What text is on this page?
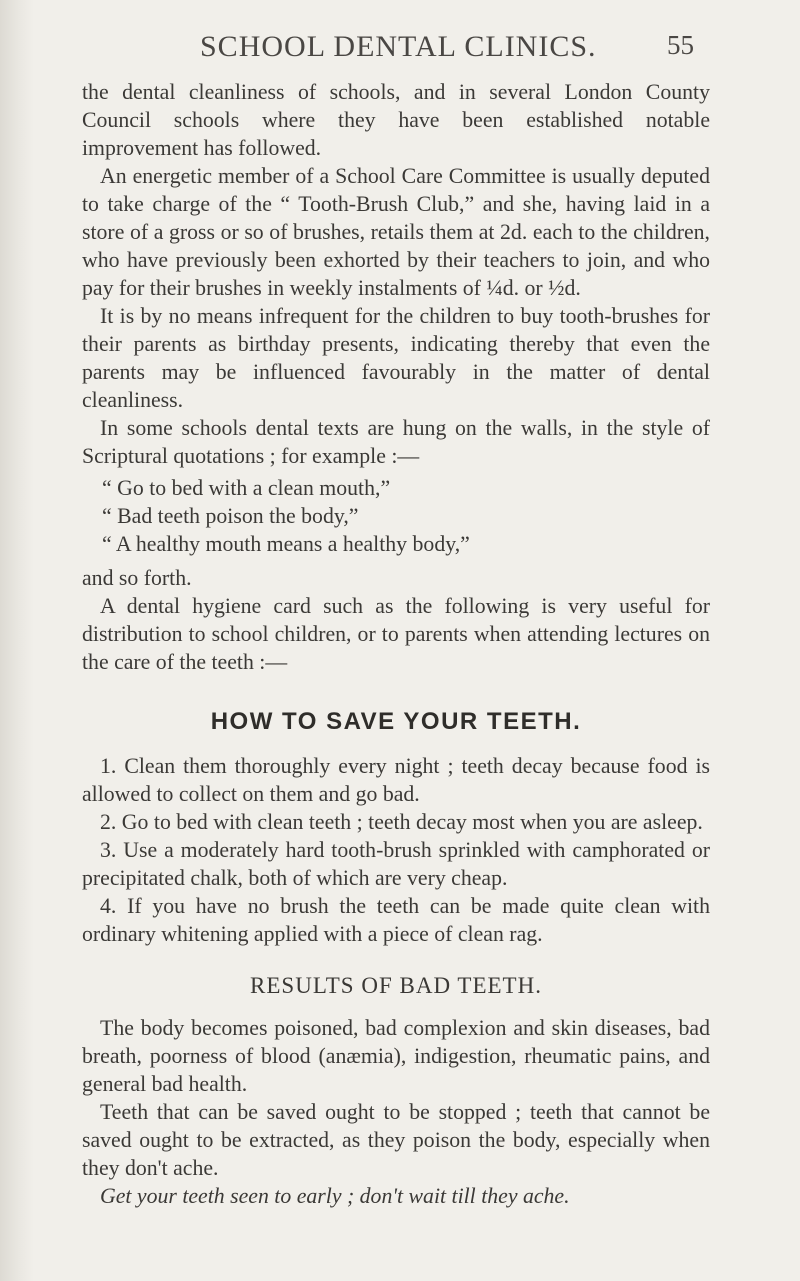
SCHOOL DENTAL CLINICS.	55

the dental cleanliness of schools, and in several London County Council schools where they have been established notable improvement has followed.

An energetic member of a School Care Committee is usually deputed to take charge of the “ Tooth-Brush Club,” and she, having laid in a store of a gross or so of brushes, retails them at 2d. each to the children, who have previously been exhorted by their teachers to join, and who pay for their brushes in weekly instalments of ¼d. or ½d.

It is by no means infrequent for the children to buy tooth-brushes for their parents as birthday presents, indicating thereby that even the parents may be influenced favourably in the matter of dental cleanliness.

In some schools dental texts are hung on the walls, in the style of Scriptural quotations ; for example :—

“ Go to bed with a clean mouth,”
“ Bad teeth poison the body,”
“ A healthy mouth means a healthy body,”

and so forth.

A dental hygiene card such as the following is very useful for distribution to school children, or to parents when attending lectures on the care of the teeth :—

HOW TO SAVE YOUR TEETH.

1. Clean them thoroughly every night ; teeth decay because food is allowed to collect on them and go bad.

2. Go to bed with clean teeth ; teeth decay most when you are asleep.

3. Use a moderately hard tooth-brush sprinkled with camphorated or precipitated chalk, both of which are very cheap.

4. If you have no brush the teeth can be made quite clean with ordinary whitening applied with a piece of clean rag.

RESULTS OF BAD TEETH.

The body becomes poisoned, bad complexion and skin diseases, bad breath, poorness of blood (anæmia), indigestion, rheumatic pains, and general bad health.

Teeth that can be saved ought to be stopped ; teeth that cannot be saved ought to be extracted, as they poison the body, especially when they don't ache.

Get your teeth seen to early ; don't wait till they ache.
